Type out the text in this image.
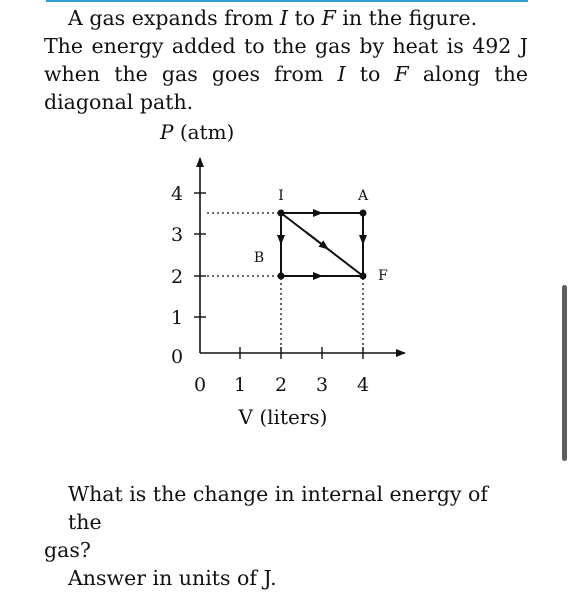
A gas expands from I to F in the figure.
The energy added to the gas by heat is 492 J
when the gas goes from I to F along the
diagonal path.
P (atm)
V (liters)
0
1
2
3
4
0 1 2 3 4
I	A
B
F
What is the change in internal energy of the
gas?
Answer in units of J.
